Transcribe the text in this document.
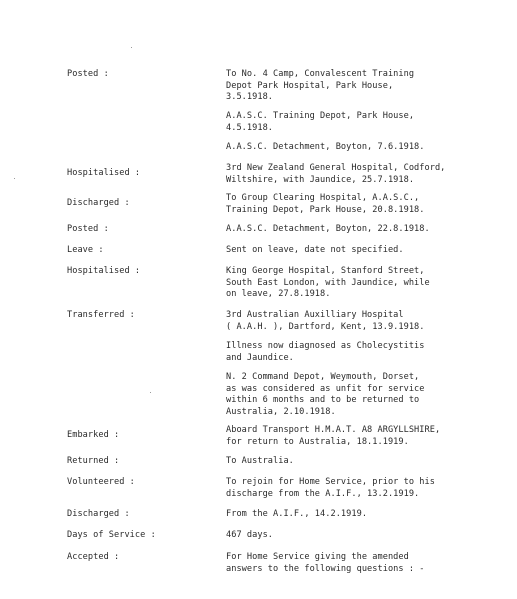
Posted :	To No. 4 Camp, Convalescent Training
Depot Park Hospital, Park House,
3.5.1918.
A.A.S.C. Training Depot, Park House,
4.5.1918.
A.A.S.C. Detachment, Boyton, 7.6.1918.
Hospitalised :	3rd New Zealand General Hospital, Codford,
Wiltshire, with Jaundice, 25.7.1918.
Discharged :	To Group Clearing Hospital, A.A.S.C.,
Training Depot, Park House, 20.8.1918.
Posted :	A.A.S.C. Detachment, Boyton, 22.8.1918.
Leave :	Sent on leave, date not specified.
Hospitalised :	King George Hospital, Stanford Street,
South East London, with Jaundice, while
on leave, 27.8.1918.
Transferred :	3rd Australian Auxilliary Hospital
( A.A.H. ), Dartford, Kent, 13.9.1918.
Illness now diagnosed as Cholecystitis
and Jaundice.
N. 2 Command Depot, Weymouth, Dorset,
as was considered as unfit for service
within 6 months and to be returned to
Australia, 2.10.1918.
Embarked :	Aboard Transport H.M.A.T. A8 ARGYLLSHIRE,
for return to Australia, 18.1.1919.
Returned :	To Australia.
Volunteered :	To rejoin for Home Service, prior to his
discharge from the A.I.F., 13.2.1919.
Discharged :	From the A.I.F., 14.2.1919.
Days of Service :	467 days.
Accepted :	For Home Service giving the amended
answers to the following questions : -
